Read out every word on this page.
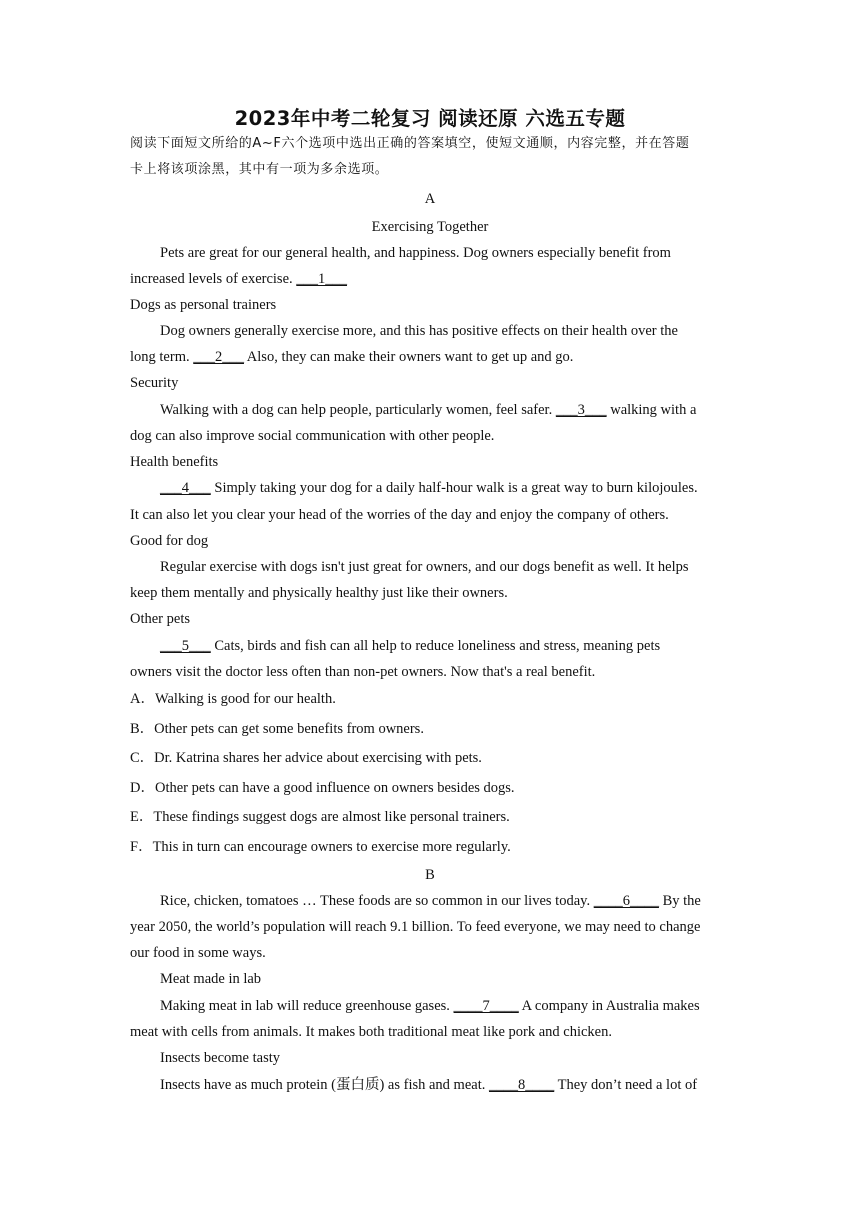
2023年中考二轮复习 阅读还原 六选五专题
阅读下面短文所给的A~F六个选项中选出正确的答案填空，使短文通顺，内容完整，并在答题
卡上将该项涂黑，其中有一项为多余选项。
A
Exercising Together
Pets are great for our general health, and happiness. Dog owners especially benefit from
increased levels of exercise. ___1___
Dogs as personal trainers
Dog owners generally exercise more, and this has positive effects on their health over the
long term. ___2___ Also, they can make their owners want to get up and go.
Security
Walking with a dog can help people, particularly women, feel safer. ___3___ walking with a
dog can also improve social communication with other people.
Health benefits
___4___ Simply taking your dog for a daily half-hour walk is a great way to burn kilojoules.
It can also let you clear your head of the worries of the day and enjoy the company of others.
Good for dog
Regular exercise with dogs isn't just great for owners, and our dogs benefit as well. It helps
keep them mentally and physically healthy just like their owners.
Other pets
___5___ Cats, birds and fish can all help to reduce loneliness and stress, meaning pets
owners visit the doctor less often than non-pet owners. Now that's a real benefit.
A．Walking is good for our health.
B．Other pets can get some benefits from owners.
C．Dr. Katrina shares her advice about exercising with pets.
D．Other pets can have a good influence on owners besides dogs.
E．These findings suggest dogs are almost like personal trainers.
F．This in turn can encourage owners to exercise more regularly.
B
Rice, chicken, tomatoes … These foods are so common in our lives today. ____6____ By the
year 2050, the world’s population will reach 9.1 billion. To feed everyone, we may need to change
our food in some ways.
Meat made in lab
Making meat in lab will reduce greenhouse gases. ____7____ A company in Australia makes
meat with cells from animals. It makes both traditional meat like pork and chicken.
Insects become tasty
Insects have as much protein (蛋白质) as fish and meat. ____8____ They don’t need a lot of
